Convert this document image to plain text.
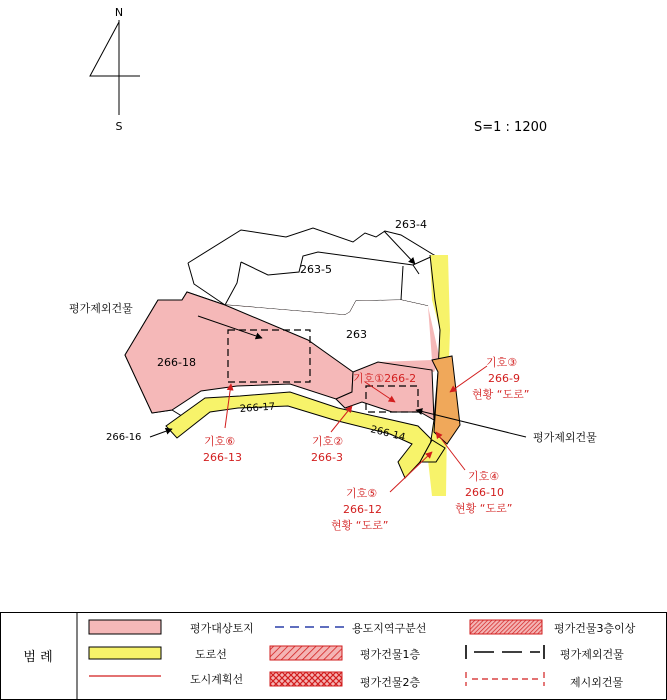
N
S	S=1 : 1200
263-4
263-5
263
266-18
266-17
266-16	266-14
평가제외건물
평가제외건물
기호①266-2
기호②
266-3
기호③
266-9
현황 “도로”
기호④
266-10
현황 “도로”
기호⑤
266-12
현황 “도로”
기호⑥
266-13
범 례
평가대상토지	용도지역구분선	평가건물3층이상
도로선	평가건물1층	평가제외건물
도시계획선	평가건물2층	제시외건물
